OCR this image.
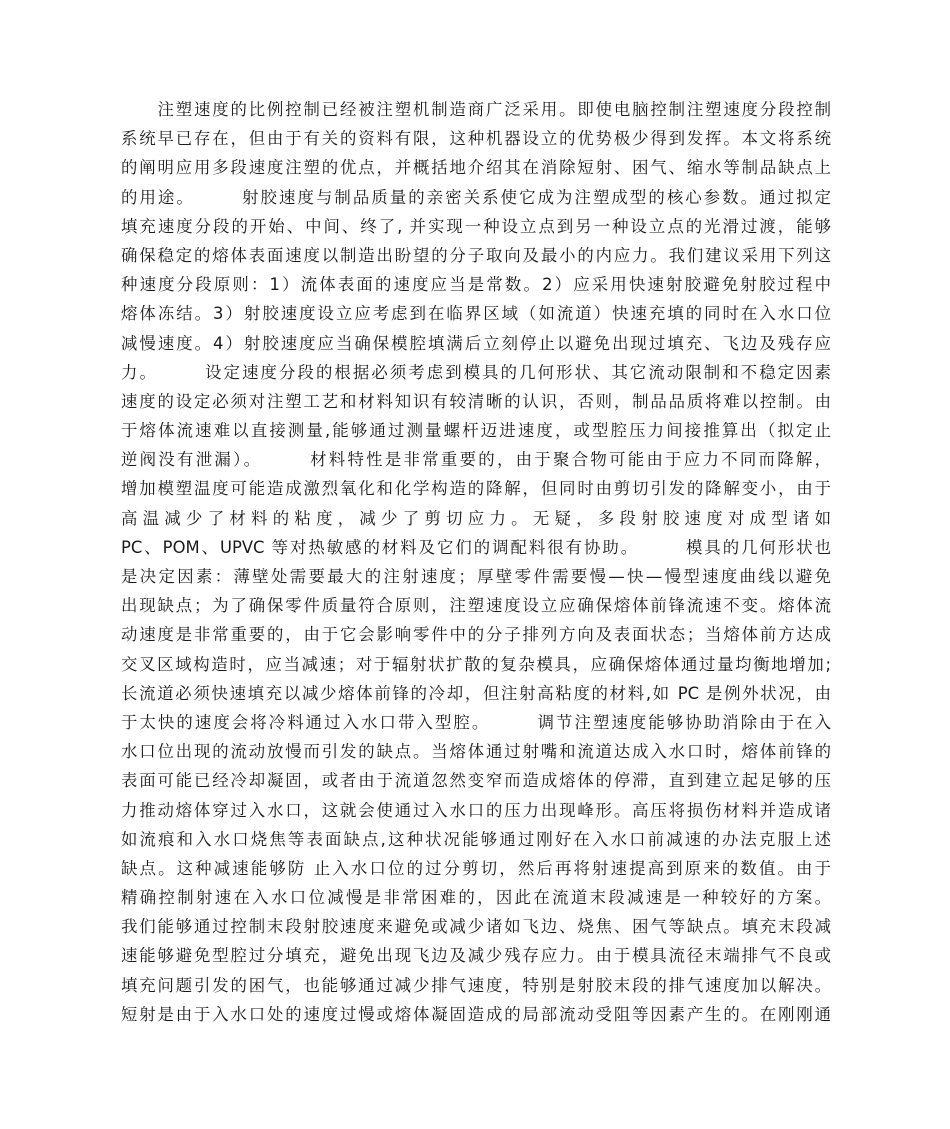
　　注塑速度的比例控制已经被注塑机制造商广泛采用。即使电脑控制注塑速度分段控制
系统早已存在，但由于有关的资料有限，这种机器设立的优势极少得到发挥。本文将系统
的阐明应用多段速度注塑的优点，并概括地介绍其在消除短射、困气、缩水等制品缺点上
的用途。　　　射胶速度与制品质量的亲密关系使它成为注塑成型的核心参数。通过拟定
填充速度分段的开始、中间、终了, 并实现一种设立点到另一种设立点的光滑过渡，能够
确保稳定的熔体表面速度以制造出盼望的分子取向及最小的内应力。我们建议采用下列这
种速度分段原则：1）流体表面的速度应当是常数。2）应采用快速射胶避免射胶过程中
熔体冻结。3）射胶速度设立应考虑到在临界区域（如流道）快速充填的同时在入水口位
减慢速度。4）射胶速度应当确保模腔填满后立刻停止以避免出现过填充、飞边及残存应
力。　　　设定速度分段的根据必须考虑到模具的几何形状、其它流动限制和不稳定因素
速度的设定必须对注塑工艺和材料知识有较清晰的认识，否则，制品品质将难以控制。由
于熔体流速难以直接测量,能够通过测量螺杆迈进速度，或型腔压力间接推算出（拟定止
逆阀没有泄漏）。　　　材料特性是非常重要的，由于聚合物可能由于应力不同而降解，
增加模塑温度可能造成激烈氧化和化学构造的降解，但同时由剪切引发的降解变小，由于
高温减少了材料的粘度，减少了剪切应力。无疑，多段射胶速度对成型诸如
PC、POM、UPVC 等对热敏感的材料及它们的调配料很有协助。　　　模具的几何形状也
是决定因素：薄壁处需要最大的注射速度；厚壁零件需要慢—快—慢型速度曲线以避免
出现缺点；为了确保零件质量符合原则，注塑速度设立应确保熔体前锋流速不变。熔体流
动速度是非常重要的，由于它会影响零件中的分子排列方向及表面状态；当熔体前方达成
交叉区域构造时，应当减速；对于辐射状扩散的复杂模具，应确保熔体通过量均衡地增加;
长流道必须快速填充以减少熔体前锋的冷却，但注射高粘度的材料,如 PC 是例外状况，由
于太快的速度会将冷料通过入水口带入型腔。　　　调节注塑速度能够协助消除由于在入
水口位出现的流动放慢而引发的缺点。当熔体通过射嘴和流道达成入水口时，熔体前锋的
表面可能已经冷却凝固，或者由于流道忽然变窄而造成熔体的停滞，直到建立起足够的压
力推动熔体穿过入水口，这就会使通过入水口的压力出现峰形。高压将损伤材料并造成诸
如流痕和入水口烧焦等表面缺点,这种状况能够通过刚好在入水口前减速的办法克服上述
缺点。这种减速能够防 止入水口位的过分剪切，然后再将射速提高到原来的数值。由于
精确控制射速在入水口位减慢是非常困难的，因此在流道末段减速是一种较好的方案。
我们能够通过控制末段射胶速度来避免或减少诸如飞边、烧焦、困气等缺点。填充末段减
速能够避免型腔过分填充，避免出现飞边及减少残存应力。由于模具流径末端排气不良或
填充问题引发的困气，也能够通过减少排气速度，特别是射胶末段的排气速度加以解决。
短射是由于入水口处的速度过慢或熔体凝固造成的局部流动受阻等因素产生的。在刚刚通
